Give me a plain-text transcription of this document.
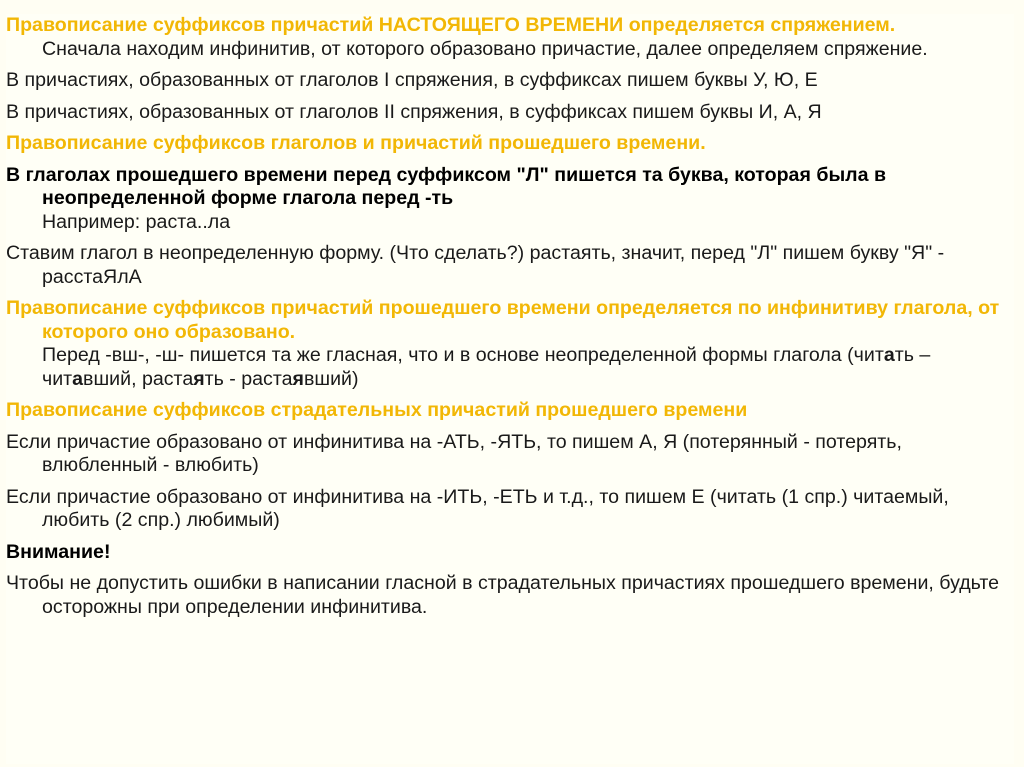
Правописание суффиксов причастий НАСТОЯЩЕГО ВРЕМЕНИ определяется спряжением.
Сначала находим инфинитив, от которого образовано причастие, далее определяем спряжение.

В причастиях, образованных от глаголов I спряжения, в суффиксах пишем буквы У, Ю, Е

В причастиях, образованных от глаголов II спряжения, в суффиксах пишем буквы И, А, Я

Правописание суффиксов глаголов и причастий прошедшего времени.

В глаголах прошедшего времени перед суффиксом "Л" пишется та буква, которая была в неопределенной форме глагола перед -ть
Например: раста..ла

Ставим глагол в неопределенную форму. (Что сделать?) растаять, значит, перед "Л" пишем букву "Я" - расстаЯлА

Правописание суффиксов причастий прошедшего времени определяется по инфинитиву глагола, от которого оно образовано.
Перед -вш-, -ш- пишется та же гласная, что и в основе неопределенной формы глагола (читать – читавший, растаять - растаявший)

Правописание суффиксов страдательных причастий прошедшего времени

Если причастие образовано от инфинитива на -АТЬ, -ЯТЬ, то пишем А, Я (потерянный - потерять, влюбленный - влюбить)

Если причастие образовано от инфинитива на -ИТЬ, -ЕТЬ и т.д., то пишем Е (читать (1 спр.) читаемый, любить (2 спр.) любимый)

Внимание!

Чтобы не допустить ошибки в написании гласной в страдательных причастиях прошедшего времени, будьте осторожны при определении инфинитива.
